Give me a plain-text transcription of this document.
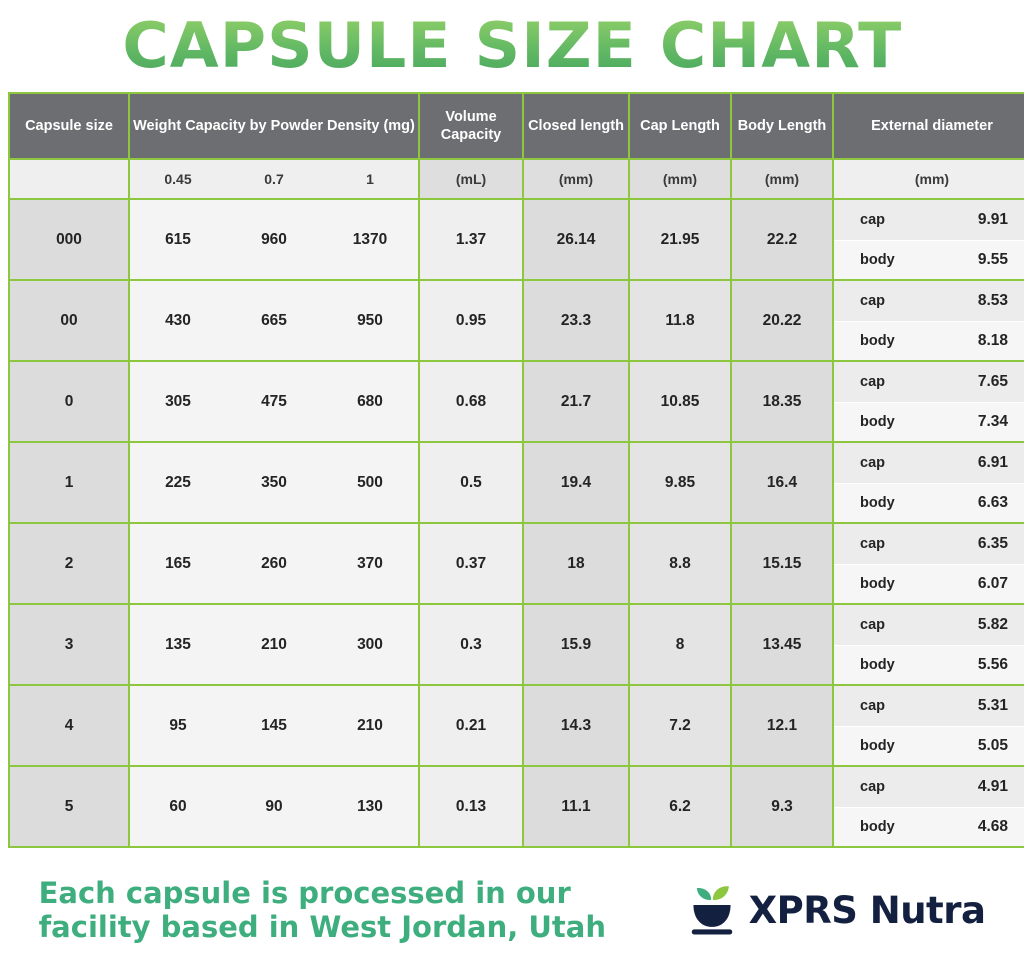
CAPSULE SIZE CHART
Capsule size	Weight Capacity by Powder Density (mg)	Volume Capacity	Closed length	Cap Length	Body Length	External diameter

	0.45 0.7 1	(mL)	(mm)	(mm)	(mm)	(mm)
000	615	960	1370	1.37	26.14	21.95	22.2	
cap	9.91
body	9.55

00	430	665	950	0.95	23.3	11.8	20.22	
cap	8.53
body	8.18

0	305	475	680	0.68	21.7	10.85	18.35	
cap	7.65
body	7.34

1	225	350	500	0.5	19.4	9.85	16.4	
cap	6.91
body	6.63

2	165	260	370	0.37	18	8.8	15.15	
cap	6.35
body	6.07

3	135	210	300	0.3	15.9	8	13.45	
cap	5.82
body	5.56

4	95	145	210	0.21	14.3	7.2	12.1	
cap	5.31
body	5.05

5	60	90	130	0.13	11.1	6.2	9.3	
cap	4.91
body	4.68
Each capsule is processed in our facility based in West Jordan, Utah	XPRS Nutra
